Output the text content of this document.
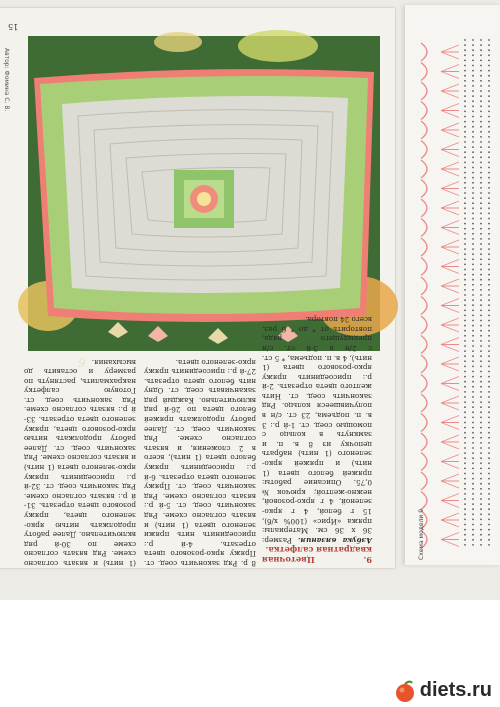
9
15
Автор: Фомина С. В.
(1 нить) и вязать согласно схеме. Ряд вязать согласно схеме по 30-й ряд включительно. Далее работу продолжать нитью ярко-зеленого цвета, пряжу розового цвета отрезать. 31-й р.: вязать согласно схеме. Ряд закончить соед. ст. 32-й р.: присоединить пряжу ярко-зеленого цвета (1 нить) и вязать согласно схеме. Ряд закончить соед. ст. Далее работу продолжать нитью ярко-розового цвета, пряжу зеленого цвета отрезать. 33-й р.: вязать согласно схеме. Ряд закончить соед. ст. Готовую салфетку накрахмалить, растянуть по размеру и оставить до высыхания.
8 р. Ряд закончить соед. ст. Пряжу ярко-розового цвета отрезать. 4-й р.: присоединить нить пряжи зеленого цвета (1 нить) и вязать согласно схеме. Ряд закончить соед. ст. 5-й р.: вязать согласно схеме. Ряд закончить соед. ст. Пряжу зеленого цвета отрезать. 6-й р.: присоединить пряжу белого цвета (1 нить), всего в 2 сложения, и вязать согласно схеме. Ряд закончить соед. ст. Далее работу продолжать пряжей белого цвета по 26-й ряд включительно. Каждый ряд заканчивать соед. ст. Одну нить белого цвета отрезать. 27-й р.: присоединить пряжу ярко-зеленого цвета.
9. Цветочная квадратная салфетка.
Азбука вязания. Размер: 36 х 36 см. Материалы: пряжа «Ирис» (100% х/б), 15 г белой, 4 г ярко-зеленой, 4 г ярко-розовой, нежно-желтой; крючок № 0,75. Описание работы: пряжей белого цвета (1 нить) и пряжей ярко-зеленого (1 нить) набрать цепочку из 8 в. п. и замкнуть в кольцо с помощью соед. ст. 1-й р.: 3 в. п. подъема, 23 ст. с/н в получившееся кольцо. Ряд закончить соед. ст. Нить желтого цвета отрезать. 2-й р.: присоединить пряжу ярко-розового цвета (1 нить), 4 в. п. подъема, * 5 ст. с 2/н в 3-й ст. с/н предыдущего ряда, повторить от * до * 6 раз, всего 24 повтора.
Схема модели 9
diets.ru
